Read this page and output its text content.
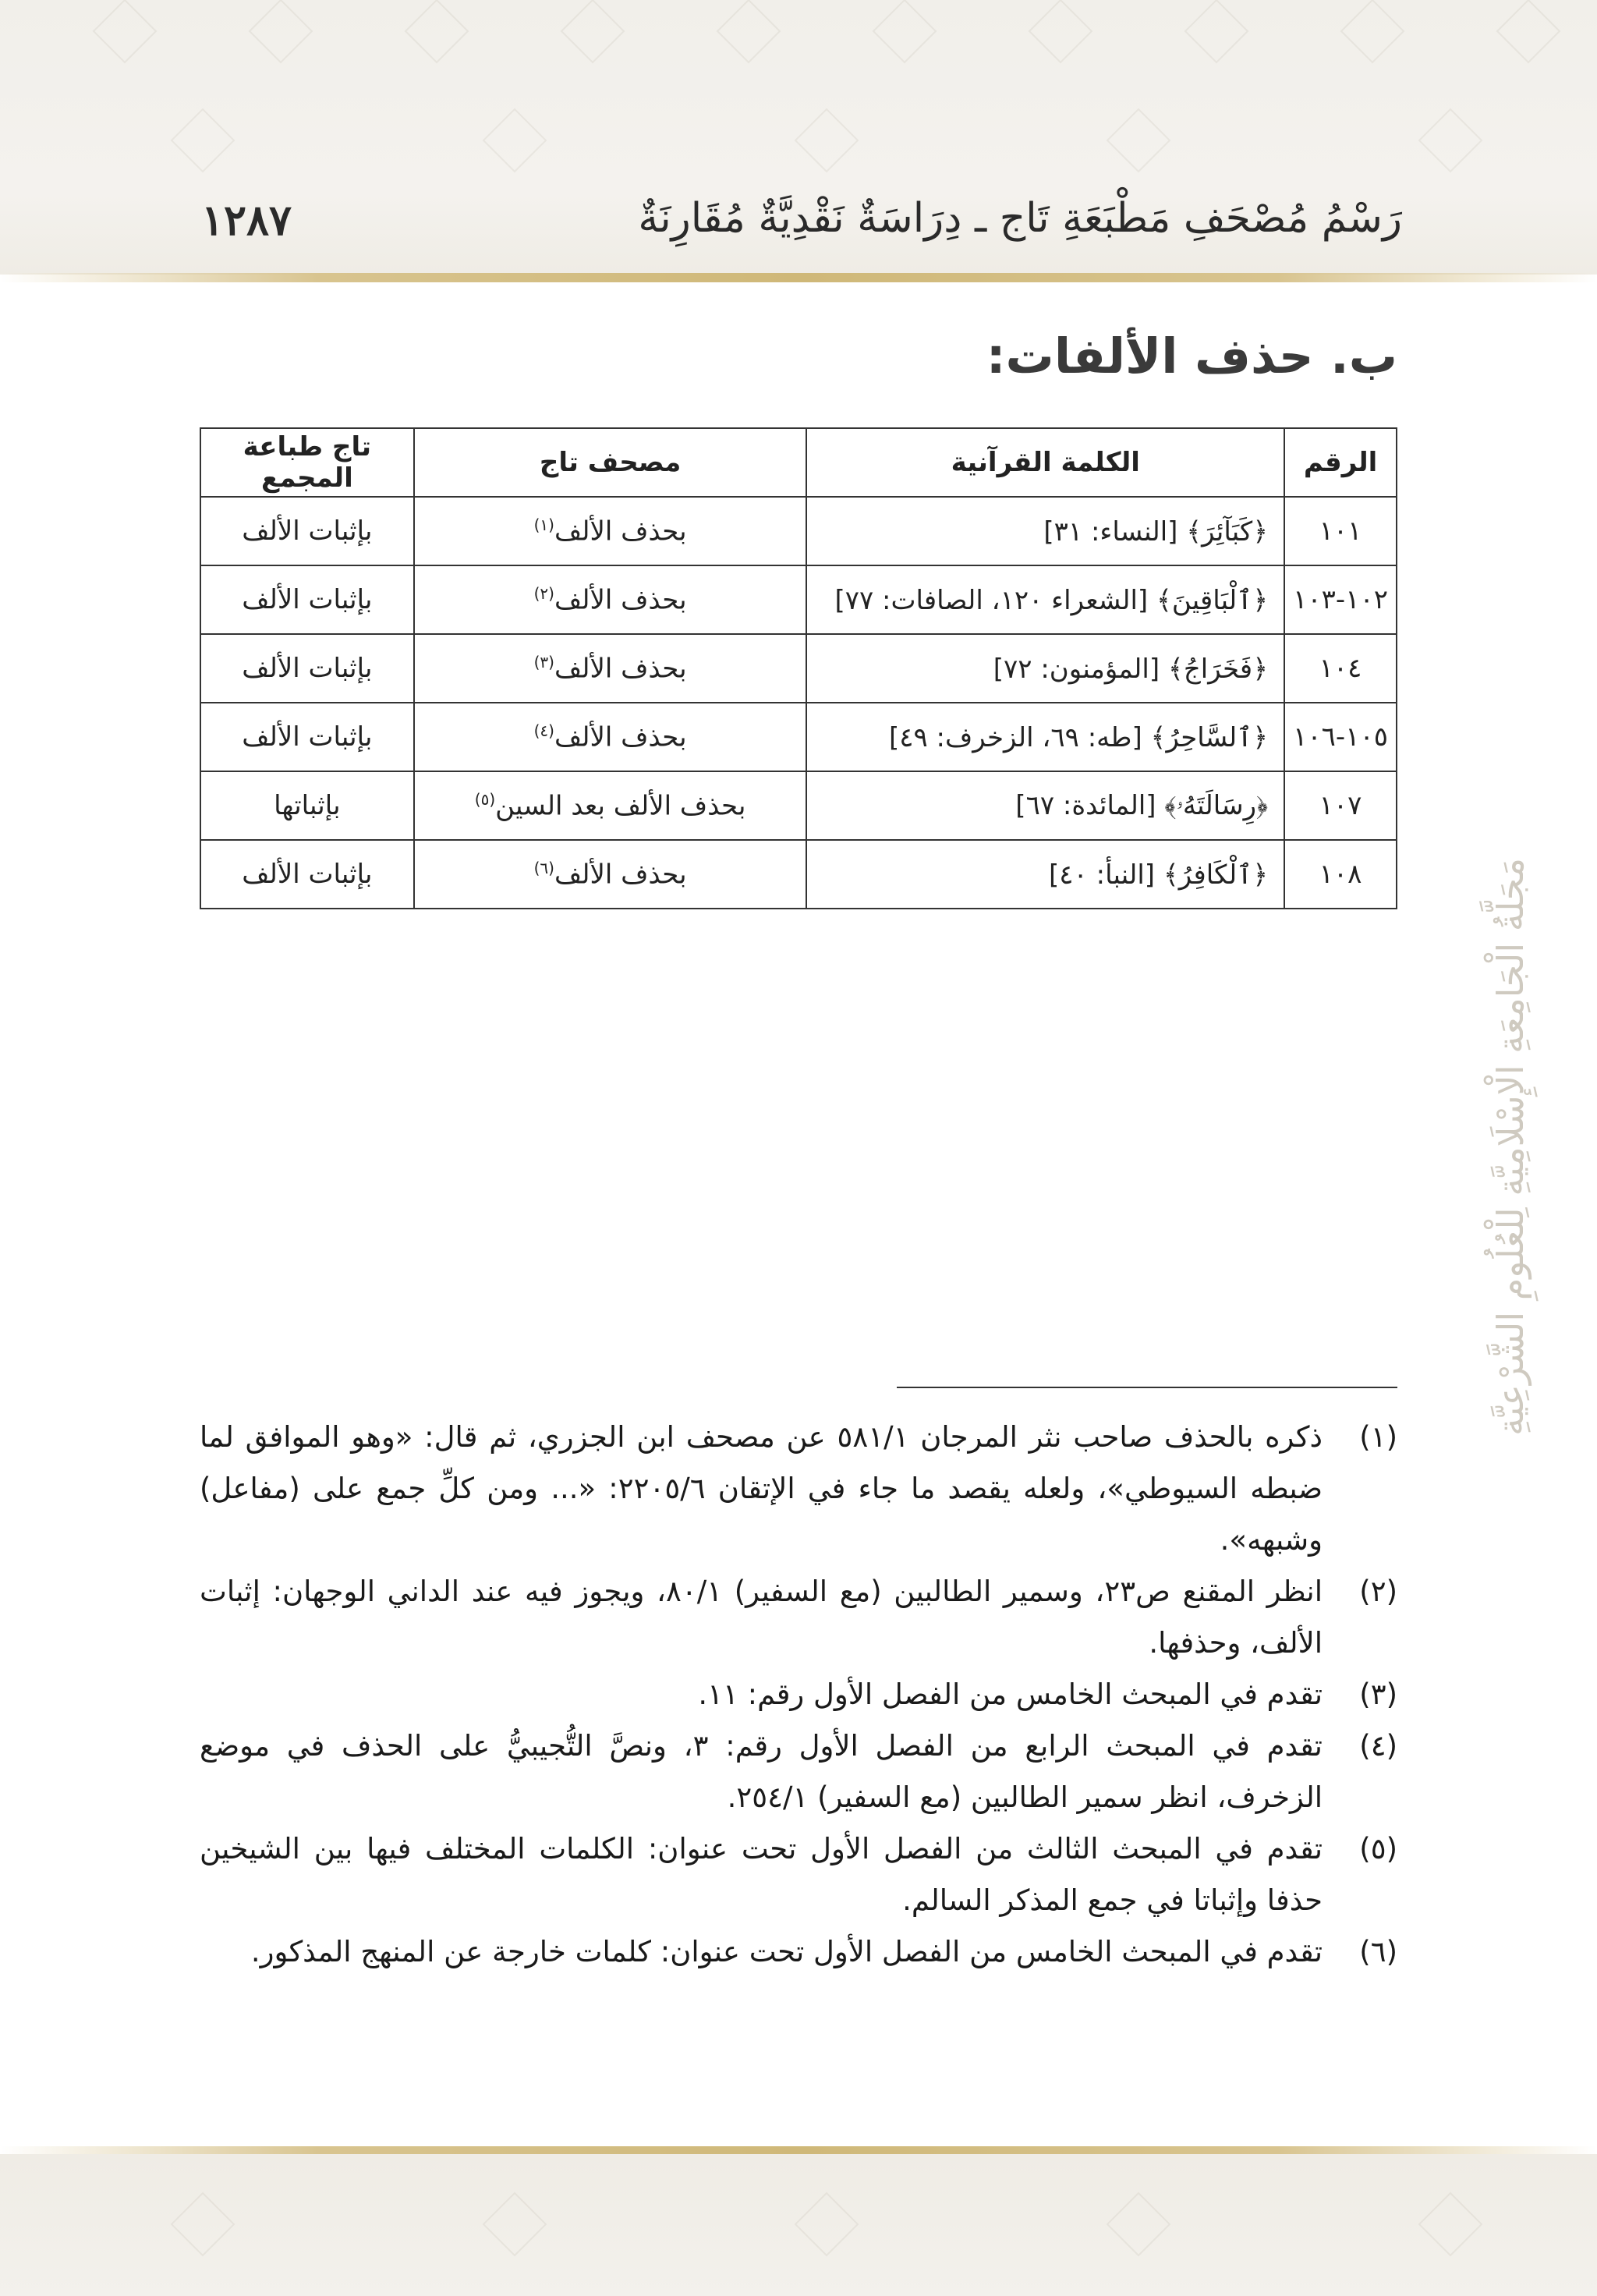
رَسْمُ مُصْحَفِ مَطْبَعَةِ تَاج ـ دِرَاسَةٌ نَقْدِيَّةٌ مُقَارِنَةٌ
١٢٨٧
ب. حذف الألفات:
الرقم	الكلمة القرآنية	مصحف تاج	تاج طباعة المجمع
١٠١	﴿كَبَآئِرَ﴾ [النساء: ٣١]	بحذف الألف$^{(١)}$	بإثبات الألف
١٠٢-١٠٣	﴿ٱلْبَاقِينَ﴾ [الشعراء ١٢٠، الصافات: ٧٧]	بحذف الألف$^{(٢)}$	بإثبات الألف
١٠٤	﴿فَخَرَاجُ﴾ [المؤمنون: ٧٢]	بحذف الألف$^{(٣)}$	بإثبات الألف
١٠٥-١٠٦	﴿ٱلسَّاحِرُ﴾ [طه: ٦٩، الزخرف: ٤٩]	بحذف الألف$^{(٤)}$	بإثبات الألف
١٠٧	﴿رِسَالَتَهُۥ﴾ [المائدة: ٦٧]	بحذف الألف بعد السين$^{(٥)}$	بإثباتها
١٠٨	﴿ٱلْكَافِرُ﴾ [النبأ: ٤٠]	بحذف الألف$^{(٦)}$	بإثبات الألف	مَجَلَّةُ الْجَامِعَةِ الْإِسْلَامِيَّةِ لِلْعُلُومِ الشَّرْعِيَّةِ

(١)
ذكره بالحذف صاحب نثر المرجان ٥٨١/١ عن مصحف ابن الجزري، ثم قال: «وهو الموافق لما ضبطه السيوطي»، ولعله يقصد ما جاء في الإتقان ٢٢٠٥/٦: «... ومن كلِّ جمع على (مفاعل) وشبهه».

(٢)
انظر المقنع ص٢٣، وسمير الطالبين (مع السفير) ٨٠/١، ويجوز فيه عند الداني الوجهان: إثبات الألف، وحذفها.

(٣)
تقدم في المبحث الخامس من الفصل الأول رقم: ١١.

(٤)
تقدم في المبحث الرابع من الفصل الأول رقم: ٣، ونصَّ التُّجيبيُّ على الحذف في موضع الزخرف، انظر سمير الطالبين (مع السفير) ٢٥٤/١.

(٥)
تقدم في المبحث الثالث من الفصل الأول تحت عنوان: الكلمات المختلف فيها بين الشيخين حذفا وإثباتا في جمع المذكر السالم.

(٦)
تقدم في المبحث الخامس من الفصل الأول تحت عنوان: كلمات خارجة عن المنهج المذكور.
